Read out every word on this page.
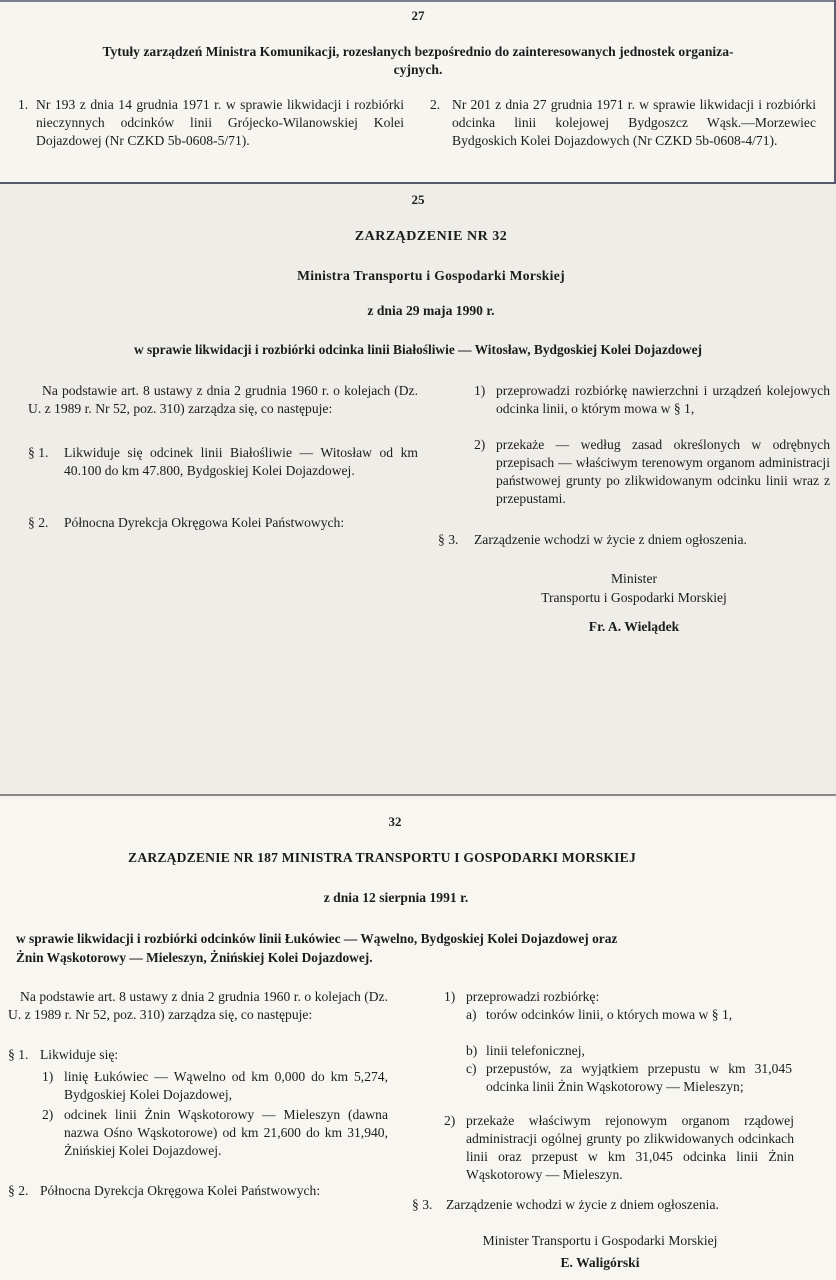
27
Tytuły zarządzeń Ministra Komunikacji, rozesłanych bezpośrednio do zainteresowanych jednostek organiza-
cyjnych.
1. Nr 193 z dnia 14 grudnia 1971 r. w sprawie likwidacji i rozbiórki nieczynnych odcinków linii Grójecko-Wilanowskiej Kolei Dojazdowej (Nr CZKD 5b-0608-5/71).
2. Nr 201 z dnia 27 grudnia 1971 r. w sprawie likwidacji i rozbiórki odcinka linii kolejowej Bydgoszcz Wąsk.—Morzewiec Bydgoskich Kolei Dojazdowych (Nr CZKD 5b-0608-4/71).
25
ZARZĄDZENIE NR 32
Ministra Transportu i Gospodarki Morskiej
z dnia 29 maja 1990 r.
w sprawie likwidacji i rozbiórki odcinka linii Białośliwie — Witosław, Bydgoskiej Kolei Dojazdowej
Na podstawie art. 8 ustawy z dnia 2 grudnia 1960 r. o kolejach (Dz. U. z 1989 r. Nr 52, poz. 310) zarządza się, co następuje:
§ 1.	Likwiduje się odcinek linii Białośliwie — Witosław od km 40.100 do km 47.800, Bydgoskiej Kolei Dojazdowej.
§ 2.	Północna Dyrekcja Okręgowa Kolei Państwowych:
1) przeprowadzi rozbiórkę nawierzchni i urządzeń kolejowych odcinka linii, o którym mowa w § 1,
2) przekaże — według zasad określonych w odrębnych przepisach — właściwym terenowym organom administracji państwowej grunty po zlikwidowanym odcinku linii wraz z przepustami.
§ 3.	Zarządzenie wchodzi w życie z dniem ogłoszenia.
Minister
Transportu i Gospodarki Morskiej
Fr. A. Wielądek
32
ZARZĄDZENIE NR 187 MINISTRA TRANSPORTU I GOSPODARKI MORSKIEJ
z dnia 12 sierpnia 1991 r.
w sprawie likwidacji i rozbiórki odcinków linii Łukówiec — Wąwelno, Bydgoskiej Kolei Dojazdowej oraz
Żnin Wąskotorowy — Mieleszyn, Żnińskiej Kolei Dojazdowej.
Na podstawie art. 8 ustawy z dnia 2 grudnia 1960 r. o kolejach (Dz. U. z 1989 r. Nr 52, poz. 310) zarządza się, co następuje:
§ 1. Likwiduje się:
1) linię Łukówiec — Wąwelno od km 0,000 do km 5,274, Bydgoskiej Kolei Dojazdowej,
2) odcinek linii Żnin Wąskotorowy — Mieleszyn (dawna nazwa Ośno Wąskotorowe) od km 21,600 do km 31,940, Żnińskiej Kolei Dojazdowej.
§ 2. Północna Dyrekcja Okręgowa Kolei Państwowych:
1) przeprowadzi rozbiórkę:
a) torów odcinków linii, o których mowa w § 1,
b) linii telefonicznej,
c) przepustów, za wyjątkiem przepustu w km 31,045 odcinka linii Żnin Wąskotorowy — Mieleszyn;
2) przekaże właściwym rejonowym organom rządowej administracji ogólnej grunty po zlikwidowanych odcinkach linii oraz przepust w km 31,045 odcinka linii Żnin Wąskotorowy — Mieleszyn.
§ 3.	Zarządzenie wchodzi w życie z dniem ogłoszenia.
Minister Transportu i Gospodarki Morskiej
E. Waligórski
